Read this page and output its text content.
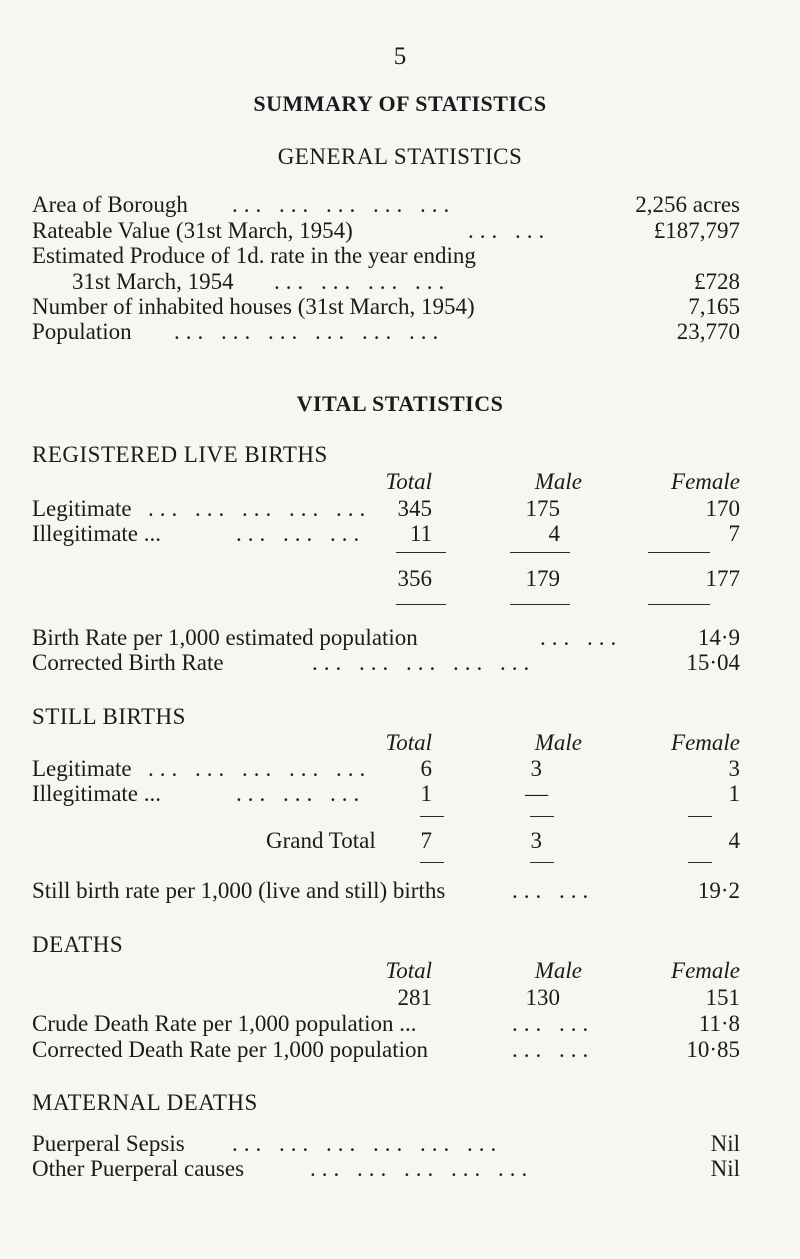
5
SUMMARY OF STATISTICS
GENERAL STATISTICS
Area of Borough ... ... ... ... ...	2,256 acres
Rateable Value (31st March, 1954)	... ...	£187,797
Estimated Produce of 1d. rate in the year ending
31st March, 1954 ... ... ... ...	£728
Number of inhabited houses (31st March, 1954)	7,165
Population ... ... ... ... ... ...	23,770
VITAL STATISTICS
REGISTERED LIVE BIRTHS
Total	Male	Female
Legitimate ... ... ... ... ... 345	175	170
Illegitimate ...	... ... ... 11	4	7
356	179	177
Birth Rate per 1,000 estimated population	... ...	14·9
Corrected Birth Rate	... ... ... ... ...	15·04
STILL BIRTHS
Total	Male	Female
Legitimate ... ... ... ... ... 6	3	3
Illegitimate ...	... ... ... 1	—	1
Grand Total 7	3	4
Still birth rate per 1,000 (live and still) births	... ...	19·2
DEATHS
Total	Male	Female
281	130	151
Crude Death Rate per 1,000 population ...	... ...	11·8
Corrected Death Rate per 1,000 population	... ...	10·85
MATERNAL DEATHS
Puerperal Sepsis ... ... ... ... ... ...	Nil
Other Puerperal causes	... ... ... ... ...	Nil
